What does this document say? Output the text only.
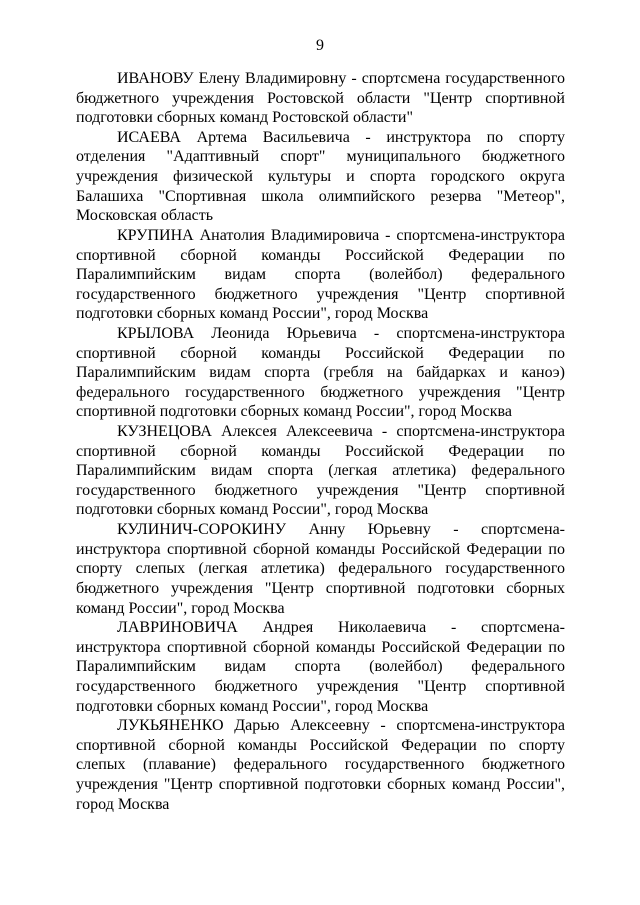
9

ИВАНОВУ Елену Владимировну - спортсмена государственного бюджетного учреждения Ростовской области "Центр спортивной подготовки сборных команд Ростовской области"

ИСАЕВА Артема Васильевича - инструктора по спорту отделения "Адаптивный спорт" муниципального бюджетного учреждения физической культуры и спорта городского округа Балашиха "Спортивная школа олимпийского резерва "Метеор", Московская область

КРУПИНА Анатолия Владимировича - спортсмена-инструктора спортивной сборной команды Российской Федерации по Паралимпийским видам спорта (волейбол) федерального государственного бюджетного учреждения "Центр спортивной подготовки сборных команд России", город Москва

КРЫЛОВА Леонида Юрьевича - спортсмена-инструктора спортивной сборной команды Российской Федерации по Паралимпийским видам спорта (гребля на байдарках и каноэ) федерального государственного бюджетного учреждения "Центр спортивной подготовки сборных команд России", город Москва

КУЗНЕЦОВА Алексея Алексеевича - спортсмена-инструктора спортивной сборной команды Российской Федерации по Паралимпийским видам спорта (легкая атлетика) федерального государственного бюджетного учреждения "Центр спортивной подготовки сборных команд России", город Москва

КУЛИНИЧ-СОРОКИНУ Анну Юрьевну - спортсмена-инструктора спортивной сборной команды Российской Федерации по спорту слепых (легкая атлетика) федерального государственного бюджетного учреждения "Центр спортивной подготовки сборных команд России", город Москва

ЛАВРИНОВИЧА Андрея Николаевича - спортсмена-инструктора спортивной сборной команды Российской Федерации по Паралимпийским видам спорта (волейбол) федерального государственного бюджетного учреждения "Центр спортивной подготовки сборных команд России", город Москва

ЛУКЬЯНЕНКО Дарью Алексеевну - спортсмена-инструктора спортивной сборной команды Российской Федерации по спорту слепых (плавание) федерального государственного бюджетного учреждения "Центр спортивной подготовки сборных команд России", город Москва
